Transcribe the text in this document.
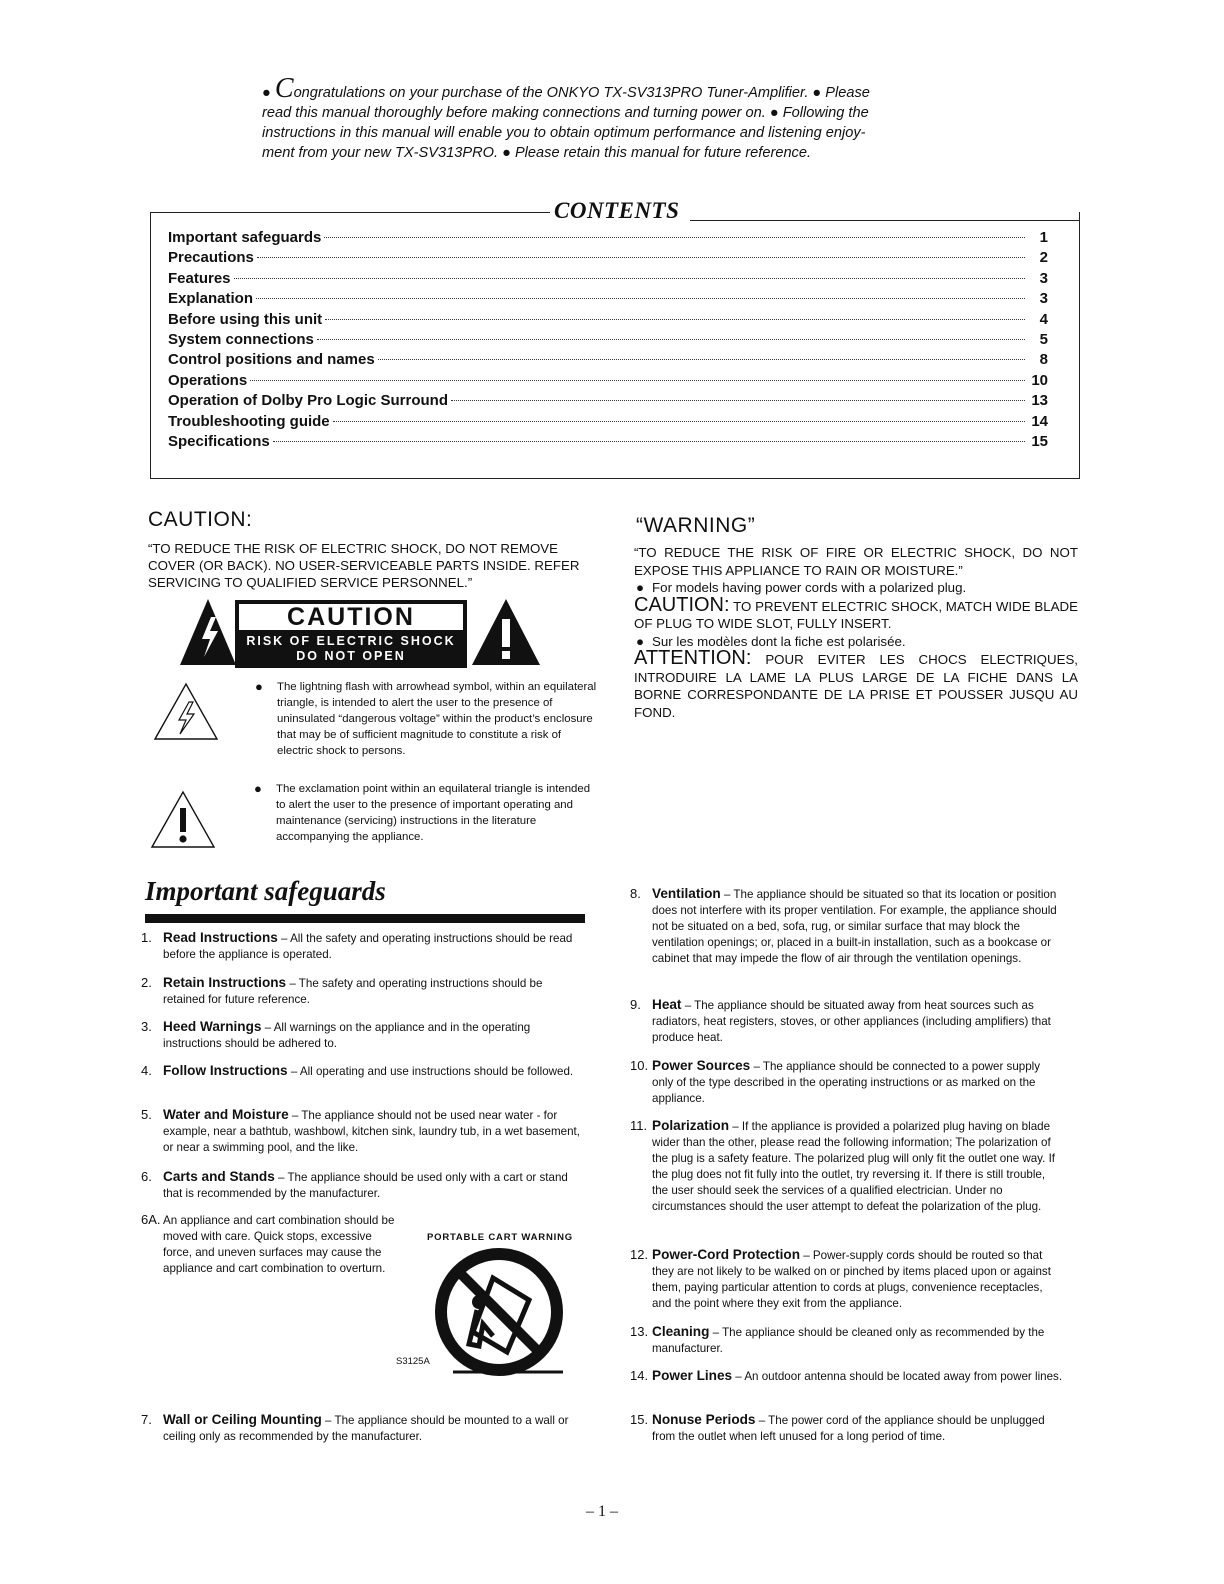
● Congratulations on your purchase of the ONKYO TX-SV313PRO Tuner-Amplifier. ● Please

read this manual thoroughly before making connections and turning power on. ● Following the

instructions in this manual will enable you to obtain optimum performance and listening enjoy-

ment from your new TX-SV313PRO. ● Please retain this manual for future reference.

CONTENTS
Important safeguards	1
Precautions	2
Features	3
Explanation	3
Before using this unit	4
System connections	5
Control positions and names	8
Operations	10
Operation of Dolby Pro Logic Surround	13
Troubleshooting guide	14
Specifications	15
CAUTION:
“TO REDUCE THE RISK OF ELECTRIC SHOCK, DO NOT REMOVE COVER (OR BACK). NO USER-SERVICEABLE PARTS INSIDE. REFER SERVICING TO QUALIFIED SERVICE PERSONNEL.”
CAUTION
RISK OF ELECTRIC SHOCK
DO NOT OPEN
● The lightning flash with arrowhead symbol, within an equilateral triangle, is intended to alert the user to the presence of uninsulated “dangerous voltage” within the product’s enclosure that may be of sufficient magnitude to constitute a risk of electric shock to persons.
● The exclamation point within an equilateral triangle is intended to alert the user to the presence of important operating and maintenance (servicing) instructions in the literature accompanying the appliance.
“WARNING”

“TO REDUCE THE RISK OF FIRE OR ELECTRIC SHOCK, DO NOT EXPOSE THIS APPLIANCE TO RAIN OR MOISTURE.”

● For models having power cords with a polarized plug.

CAUTION: TO PREVENT ELECTRIC SHOCK, MATCH WIDE BLADE OF PLUG TO WIDE SLOT, FULLY INSERT.

● Sur les modèles dont la fiche est polarisée.

ATTENTION: POUR EVITER LES CHOCS ELECTRIQUES, INTRODUIRE LA LAME LA PLUS LARGE DE LA FICHE DANS LA BORNE CORRESPONDANTE DE LA PRISE ET POUSSER JUSQU AU FOND.

Important safeguards
1. Read Instructions – All the safety and operating instructions should be read before the appliance is operated.
2. Retain Instructions – The safety and operating instructions should be retained for future reference.
3. Heed Warnings – All warnings on the appliance and in the operating instructions should be adhered to.
4. Follow Instructions – All operating and use instructions should be followed.
5. Water and Moisture – The appliance should not be used near water - for example, near a bathtub, washbowl, kitchen sink, laundry tub, in a wet basement, or near a swimming pool, and the like.
6. Carts and Stands – The appliance should be used only with a cart or stand that is recommended by the manufacturer.
6A. An appliance and cart combination should be moved with care. Quick stops, excessive force, and uneven surfaces may cause the appliance and cart combination to overturn.
7. Wall or Ceiling Mounting – The appliance should be mounted to a wall or ceiling only as recommended by the manufacturer.
8. Ventilation – The appliance should be situated so that its location or position does not interfere with its proper ventilation. For example, the appliance should not be situated on a bed, sofa, rug, or similar surface that may block the ventilation openings; or, placed in a built-in installation, such as a bookcase or cabinet that may impede the flow of air through the ventilation openings.
9. Heat – The appliance should be situated away from heat sources such as radiators, heat registers, stoves, or other appliances (including amplifiers) that produce heat.
10. Power Sources – The appliance should be connected to a power supply only of the type described in the operating instructions or as marked on the appliance.
11. Polarization – If the appliance is provided a polarized plug having on blade wider than the other, please read the following information; The polarization of the plug is a safety feature. The polarized plug will only fit the outlet one way. If the plug does not fit fully into the outlet, try reversing it. If there is still trouble, the user should seek the services of a qualified electrician. Under no circumstances should the user attempt to defeat the polarization of the plug.
12. Power-Cord Protection – Power-supply cords should be routed so that they are not likely to be walked on or pinched by items placed upon or against them, paying particular attention to cords at plugs, convenience receptacles, and the point where they exit from the appliance.
13. Cleaning – The appliance should be cleaned only as recommended by the manufacturer.
14. Power Lines – An outdoor antenna should be located away from power lines.
15. Nonuse Periods – The power cord of the appliance should be unplugged from the outlet when left unused for a long period of time.
PORTABLE CART WARNING
S3125A
– 1 –
